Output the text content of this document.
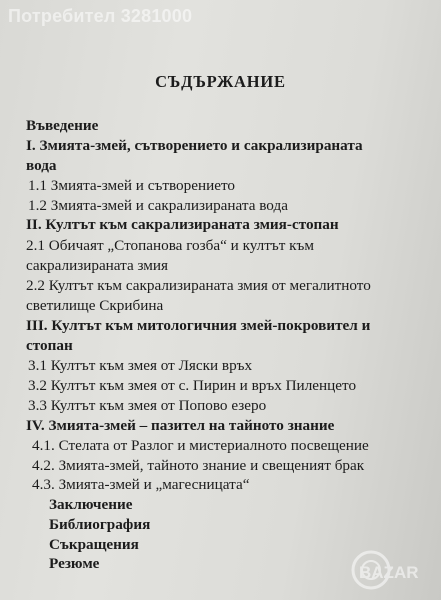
Потребител 3281000
СЪДЪРЖАНИЕ
Въведение
I. Змията-змей, сътворението и сакрализираната
вода
1.1 Змията-змей и сътворението
1.2 Змията-змей и сакрализираната вода
II. Култът към сакрализираната змия-стопан
2.1 Обичаят „Стопанова гозба“ и култът към
сакрализираната змия
2.2 Култът към сакрализираната змия от мегалитното
светилище Скрибина
III. Култът към митологичния змей-покровител и
стопан
3.1 Култът към змея от Ляски връх
3.2 Култът към змея от с. Пирин и връх Пиленцето
3.3 Култът към змея от Попово езеро
IV. Змията-змей – пазител на тайното знание
4.1. Стелата от Разлог и мистериалното посвещение
4.2. Змията-змей, тайното знание и свещеният брак
4.3. Змията-змей и „магесницата“
Заключение
Библиография
Съкращения
Резюме	BAZAR
